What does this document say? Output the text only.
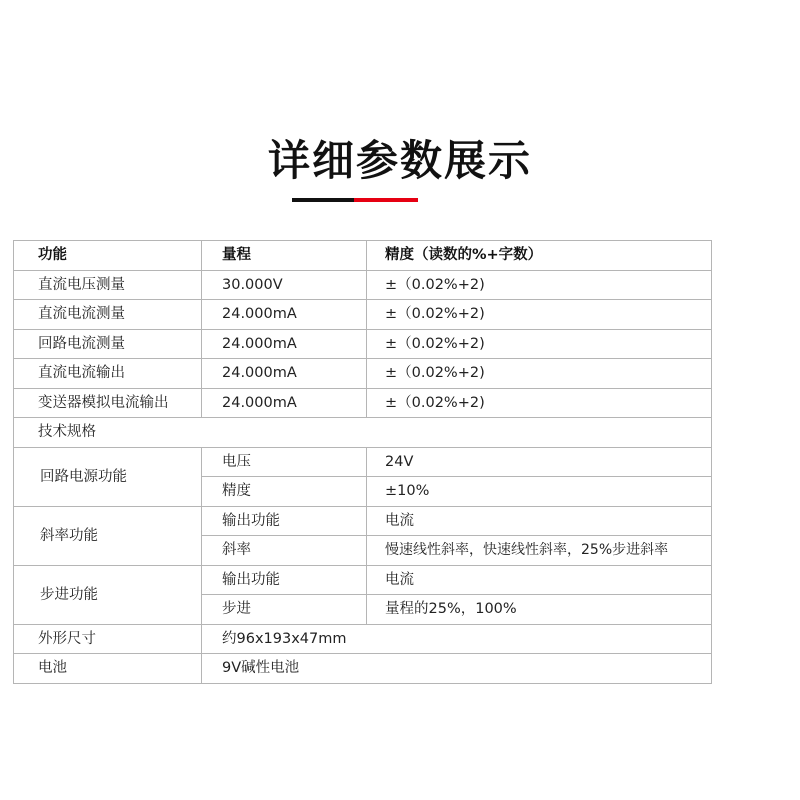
详细参数展示
功能	量程	精度（读数的%+字数）
直流电压测量	30.000V	±（0.02%+2)
直流电流测量	24.000mA	±（0.02%+2)
回路电流测量	24.000mA	±（0.02%+2)
直流电流输出	24.000mA	±（0.02%+2)
变送器模拟电流输出	24.000mA	±（0.02%+2)
技术规格		
回路电源功能	电压	24V
	精度	±10%
斜率功能	输出功能	电流
	斜率	慢速线性斜率，快速线性斜率，25%步进斜率
步进功能	输出功能	电流
	步进	量程的25%，100%
外形尺寸	约96x193x47mm	
电池	9V碱性电池	
